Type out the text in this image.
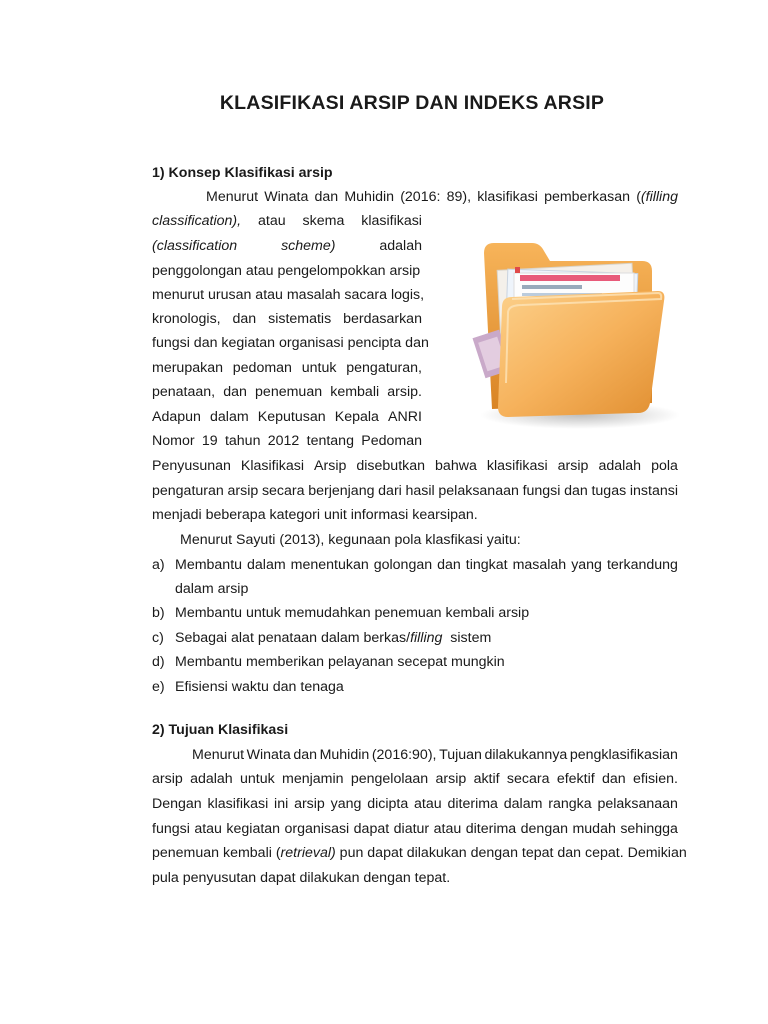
KLASIFIKASI ARSIP DAN INDEKS ARSIP
1) Konsep Klasifikasi arsip
Menurut Winata dan Muhidin (2016: 89), klasifikasi pemberkasan ((filling
classification), atau skema klasifikasi
(classification	scheme)	adalah
penggolongan atau pengelompokkan arsip
menurut urusan atau masalah sacara logis,
kronologis, dan sistematis berdasarkan
fungsi dan kegiatan organisasi pencipta dan
merupakan pedoman untuk pengaturan,
penataan, dan penemuan kembali arsip.
Adapun dalam Keputusan Kepala ANRI
Nomor 19 tahun 2012 tentang Pedoman
Penyusunan Klasifikasi Arsip disebutkan bahwa klasifikasi arsip adalah pola
pengaturan arsip secara berjenjang dari hasil pelaksanaan fungsi dan tugas instansi
menjadi beberapa kategori unit informasi kearsipan.
Menurut Sayuti (2013), kegunaan pola klasfikasi yaitu:
a) Membantu dalam menentukan golongan dan tingkat masalah yang terkandung
dalam arsip
b) Membantu untuk memudahkan penemuan kembali arsip
c) Sebagai alat penataan dalam berkas/filling  sistem
d) Membantu memberikan pelayanan secepat mungkin
e) Efisiensi waktu dan tenaga
2) Tujuan Klasifikasi
Menurut Winata dan Muhidin (2016:90), Tujuan dilakukannya pengklasifikasian
arsip adalah untuk menjamin pengelolaan arsip aktif secara efektif dan efisien.
Dengan klasifikasi ini arsip yang dicipta atau diterima dalam rangka pelaksanaan
fungsi atau kegiatan organisasi dapat diatur atau diterima dengan mudah sehingga
penemuan kembali (retrieval) pun dapat dilakukan dengan tepat dan cepat. Demikian
pula penyusutan dapat dilakukan dengan tepat.
